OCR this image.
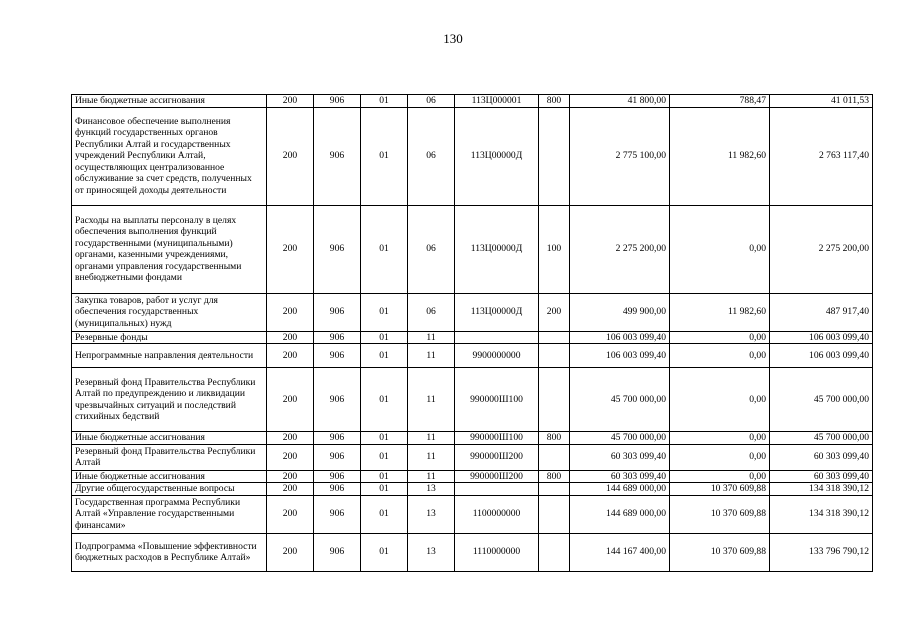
130
Иные бюджетные ассигнования	200	906	01	06	113Ц000001	800	41 800,00	788,47	41 011,53
Финансовое обеспечение выполнения функций государственных органов Республики Алтай и государственных учреждений Республики Алтай, осуществляющих централизованное обслуживание за счет средств, полученных от приносящей доходы деятельности	200	906	01	06	113Ц00000Д		2 775 100,00	11 982,60	2 763 117,40
Расходы на выплаты персоналу в целях обеспечения выполнения функций государственными (муниципальными) органами, казенными учреждениями, органами управления государственными внебюджетными фондами	200	906	01	06	113Ц00000Д	100	2 275 200,00	0,00	2 275 200,00
Закупка товаров, работ и услуг для обеспечения государственных (муниципальных) нужд	200	906	01	06	113Ц00000Д	200	499 900,00	11 982,60	487 917,40
Резервные фонды	200	906	01	11			106 003 099,40	0,00	106 003 099,40
Непрограммные направления деятельности	200	906	01	11	9900000000		106 003 099,40	0,00	106 003 099,40
Резервный фонд Правительства Республики Алтай по предупреждению и ликвидации чрезвычайных ситуаций и последствий стихийных бедствий	200	906	01	11	990000Ш100		45 700 000,00	0,00	45 700 000,00
Иные бюджетные ассигнования	200	906	01	11	990000Ш100	800	45 700 000,00	0,00	45 700 000,00
Резервный фонд Правительства Республики Алтай	200	906	01	11	990000Ш200		60 303 099,40	0,00	60 303 099,40
Иные бюджетные ассигнования	200	906	01	11	990000Ш200	800	60 303 099,40	0,00	60 303 099,40
Другие общегосударственные вопросы	200	906	01	13			144 689 000,00	10 370 609,88	134 318 390,12
Государственная программа Республики Алтай «Управление государственными финансами»	200	906	01	13	1100000000		144 689 000,00	10 370 609,88	134 318 390,12
Подпрограмма «Повышение эффективности бюджетных расходов в Республике Алтай»	200	906	01	13	1110000000		144 167 400,00	10 370 609,88	133 796 790,12
